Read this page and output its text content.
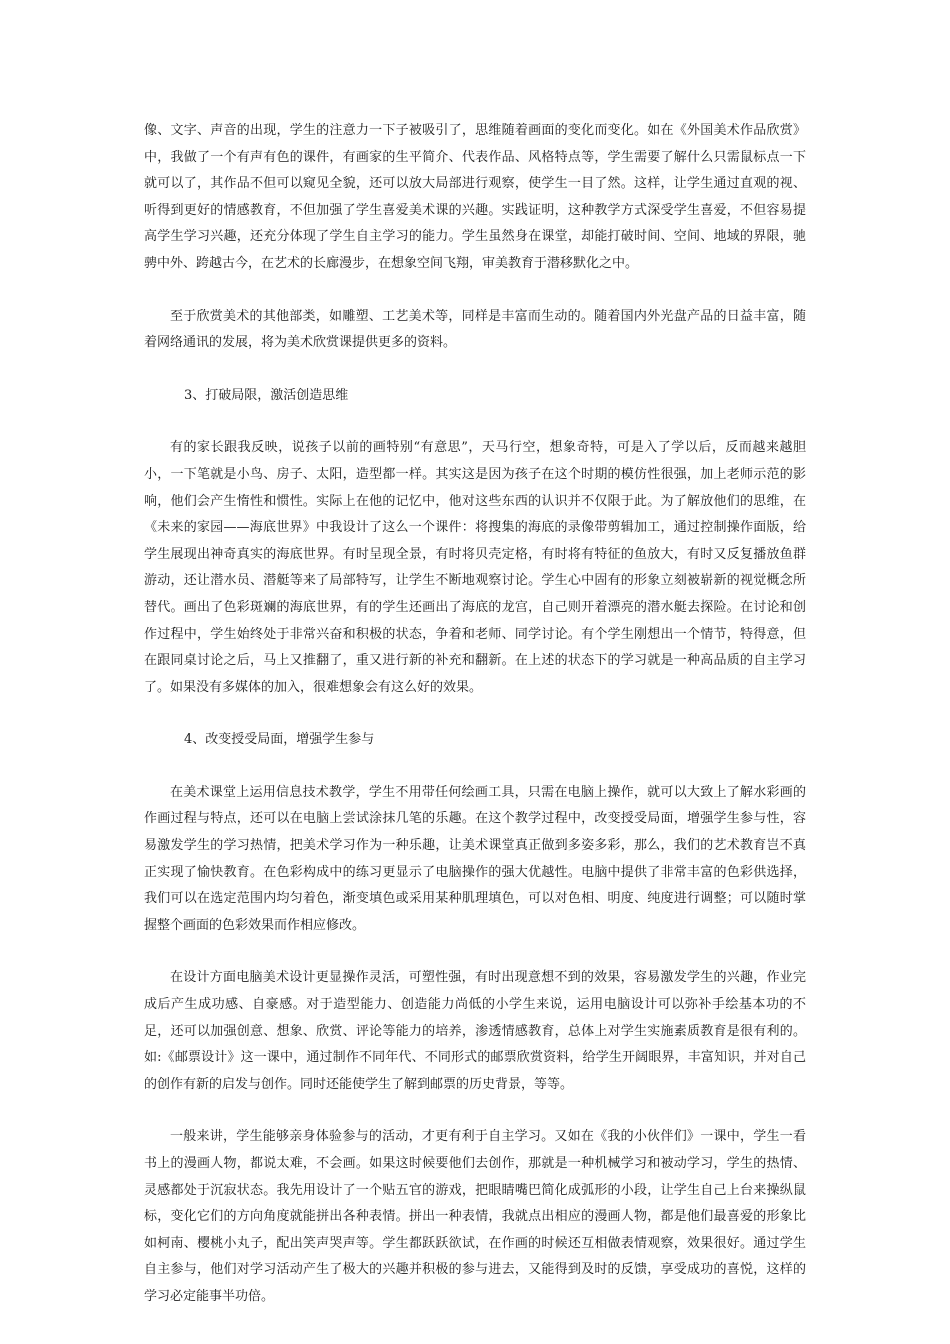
像、文字、声音的出现，学生的注意力一下子被吸引了，思维随着画面的变化而变化。如在《外国美术作品欣赏》中，我做了一个有声有色的课件，有画家的生平简介、代表作品、风格特点等，学生需要了解什么只需鼠标点一下就可以了，其作品不但可以窥见全貌，还可以放大局部进行观察，使学生一目了然。这样，让学生通过直观的视、听得到更好的情感教育，不但加强了学生喜爱美术课的兴趣。实践证明，这种教学方式深受学生喜爱，不但容易提高学生学习兴趣，还充分体现了学生自主学习的能力。学生虽然身在课堂，却能打破时间、空间、地域的界限，驰骋中外、跨越古今，在艺术的长廊漫步，在想象空间飞翔，审美教育于潜移默化之中。

至于欣赏美术的其他部类，如雕塑、工艺美术等，同样是丰富而生动的。随着国内外光盘产品的日益丰富，随着网络通讯的发展，将为美术欣赏课提供更多的资料。

3、打破局限，激活创造思维

有的家长跟我反映，说孩子以前的画特别“有意思”，天马行空，想象奇特，可是入了学以后，反而越来越胆小，一下笔就是小鸟、房子、太阳，造型都一样。其实这是因为孩子在这个时期的模仿性很强，加上老师示范的影响，他们会产生惰性和惯性。实际上在他的记忆中，他对这些东西的认识并不仅限于此。为了解放他们的思维，在《未来的家园——海底世界》中我设计了这么一个课件：将搜集的海底的录像带剪辑加工，通过控制操作面版，给学生展现出神奇真实的海底世界。有时呈现全景，有时将贝壳定格，有时将有特征的鱼放大，有时又反复播放鱼群游动，还让潜水员、潜艇等来了局部特写，让学生不断地观察讨论。学生心中固有的形象立刻被崭新的视觉概念所替代。画出了色彩斑斓的海底世界，有的学生还画出了海底的龙宫，自己则开着漂亮的潜水艇去探险。在讨论和创作过程中，学生始终处于非常兴奋和积极的状态，争着和老师、同学讨论。有个学生刚想出一个情节，特得意，但在跟同桌讨论之后，马上又推翻了，重又进行新的补充和翻新。在上述的状态下的学习就是一种高品质的自主学习了。如果没有多媒体的加入，很难想象会有这么好的效果。

4、改变授受局面，增强学生参与

在美术课堂上运用信息技术教学，学生不用带任何绘画工具，只需在电脑上操作，就可以大致上了解水彩画的作画过程与特点，还可以在电脑上尝试涂抹几笔的乐趣。在这个教学过程中，改变授受局面，增强学生参与性，容易激发学生的学习热情，把美术学习作为一种乐趣，让美术课堂真正做到多姿多彩，那么，我们的艺术教育岂不真正实现了愉快教育。在色彩构成中的练习更显示了电脑操作的强大优越性。电脑中提供了非常丰富的色彩供选择，我们可以在选定范围内均匀着色，渐变填色或采用某种肌理填色，可以对色相、明度、纯度进行调整；可以随时掌握整个画面的色彩效果而作相应修改。

在设计方面电脑美术设计更显操作灵活，可塑性强，有时出现意想不到的效果，容易激发学生的兴趣，作业完成后产生成功感、自豪感。对于造型能力、创造能力尚低的小学生来说，运用电脑设计可以弥补手绘基本功的不足，还可以加强创意、想象、欣赏、评论等能力的培养，渗透情感教育，总体上对学生实施素质教育是很有利的。如:《邮票设计》这一课中，通过制作不同年代、不同形式的邮票欣赏资料，给学生开阔眼界，丰富知识，并对自己的创作有新的启发与创作。同时还能使学生了解到邮票的历史背景，等等。

一般来讲，学生能够亲身体验参与的活动，才更有利于自主学习。又如在《我的小伙伴们》一课中，学生一看书上的漫画人物，都说太难，不会画。如果这时候要他们去创作，那就是一种机械学习和被动学习，学生的热情、灵感都处于沉寂状态。我先用设计了一个贴五官的游戏，把眼睛嘴巴简化成弧形的小段，让学生自己上台来操纵鼠标，变化它们的方向角度就能拼出各种表情。拼出一种表情，我就点出相应的漫画人物，都是他们最喜爱的形象比如柯南、樱桃小丸子，配出笑声哭声等。学生都跃跃欲试，在作画的时候还互相做表情观察，效果很好。通过学生自主参与，他们对学习活动产生了极大的兴趣并积极的参与进去，又能得到及时的反馈，享受成功的喜悦，这样的学习必定能事半功倍。
